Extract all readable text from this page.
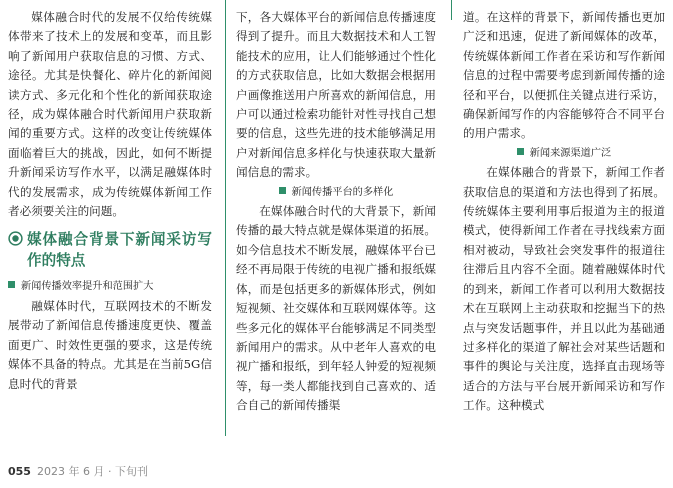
媒体融合时代的发展不仅给传统媒体带来了技术上的发展和变革，而且影响了新闻用户获取信息的习惯、方式、途径。尤其是快餐化、碎片化的新闻阅读方式、多元化和个性化的新闻获取途径，成为媒体融合时代新闻用户获取新闻的重要方式。这样的改变让传统媒体面临着巨大的挑战，因此，如何不断提升新闻采访写作水平，以满足融媒体时代的发展需求，成为传统媒体新闻工作者必须要关注的问题。

媒体融合背景下新闻采访写作的特点
新闻传播效率提升和范围扩大

融媒体时代，互联网技术的不断发展带动了新闻信息传播速度更快、覆盖面更广、时效性更强的要求，这是传统媒体不具备的特点。尤其是在当前5G信息时代的背景

下，各大媒体平台的新闻信息传播速度得到了提升。而且大数据技术和人工智能技术的应用，让人们能够通过个性化的方式获取信息，比如大数据会根据用户画像推送用户所喜欢的新闻信息，用户可以通过检索功能针对性寻找自己想要的信息，这些先进的技术能够满足用户对新闻信息多样化与快速获取大量新闻信息的需求。

新闻传播平台的多样化

在媒体融合时代的大背景下，新闻传播的最大特点就是媒体渠道的拓展。如今信息技术不断发展，融媒体平台已经不再局限于传统的电视广播和报纸媒体，而是包括更多的新媒体形式，例如短视频、社交媒体和互联网媒体等。这些多元化的媒体平台能够满足不同类型新闻用户的需求。从中老年人喜欢的电视广播和报纸，到年轻人钟爱的短视频等，每一类人都能找到自己喜欢的、适合自己的新闻传播渠

道。在这样的背景下，新闻传播也更加广泛和迅速，促进了新闻媒体的改革，传统媒体新闻工作者在采访和写作新闻信息的过程中需要考虑到新闻传播的途径和平台，以便抓住关键点进行采访，确保新闻写作的内容能够符合不同平台的用户需求。

新闻来源渠道广泛

在媒体融合的背景下，新闻工作者获取信息的渠道和方法也得到了拓展。传统媒体主要利用事后报道为主的报道模式，使得新闻工作者在寻找线索方面相对被动，导致社会突发事件的报道往往滞后且内容不全面。随着融媒体时代的到来，新闻工作者可以利用大数据技术在互联网上主动获取和挖掘当下的热点与突发话题事件，并且以此为基础通过多样化的渠道了解社会对某些话题和事件的舆论与关注度，选择直击现场等适合的方法与平台展开新闻采访和写作工作。这种模式

055 2023 年 6 月 · 下旬刊
